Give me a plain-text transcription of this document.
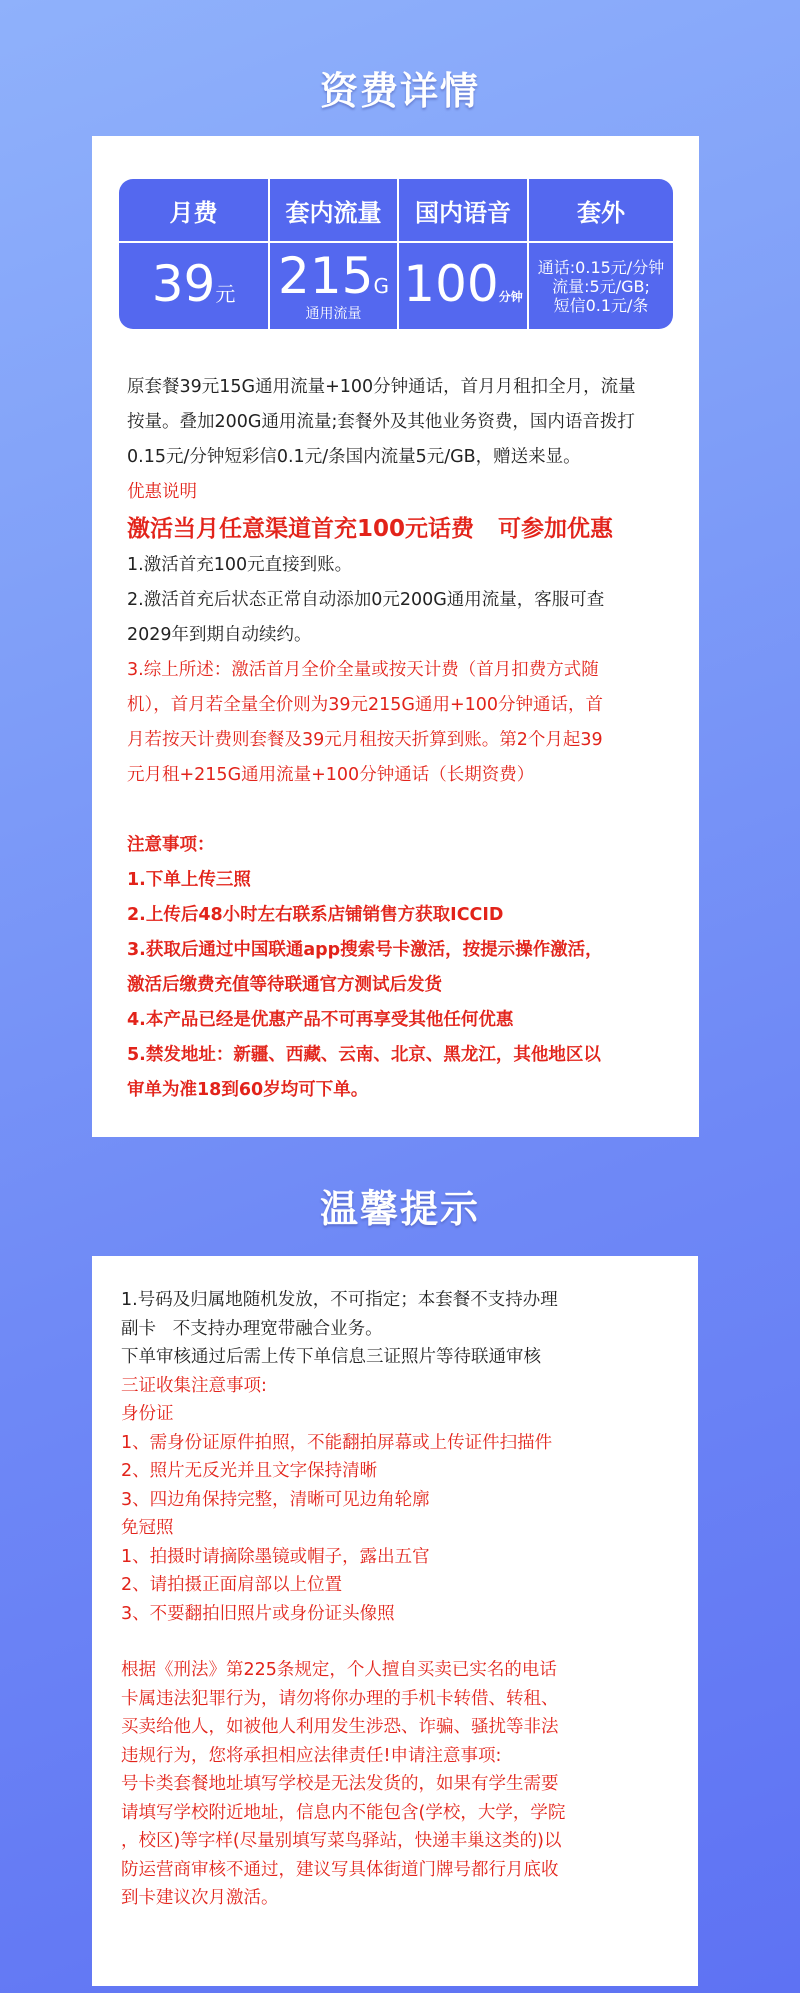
资费详情
月费
39元
套内流量
215G
通用流量
国内语音
100分钟
套外
通话:0.15元/分钟
流量:5元/GB;
短信0.1元/条
原套餐39元15G通用流量+100分钟通话，首月月租扣全月，流量
按量。叠加200G通用流量;套餐外及其他业务资费，国内语音拨打
0.15元/分钟短彩信0.1元/条国内流量5元/GB，赠送来显。
优惠说明
激活当月任意渠道首充100元话费   可参加优惠
1.激活首充100元直接到账。
2.激活首充后状态正常自动添加0元200G通用流量，客服可查
2029年到期自动续约。
3.综上所述：激活首月全价全量或按天计费（首月扣费方式随
机），首月若全量全价则为39元215G通用+100分钟通话，首
月若按天计费则套餐及39元月租按天折算到账。第2个月起39
元月租+215G通用流量+100分钟通话（长期资费）
注意事项：
1.下单上传三照
2.上传后48小时左右联系店铺销售方获取ICCID
3.获取后通过中国联通app搜索号卡激活，按提示操作激活，
激活后缴费充值等待联通官方测试后发货
4.本产品已经是优惠产品不可再享受其他任何优惠
5.禁发地址：新疆、西藏、云南、北京、黑龙江，其他地区以
审单为准18到60岁均可下单。
温馨提示
1.号码及归属地随机发放，不可指定；本套餐不支持办理
副卡   不支持办理宽带融合业务。
下单审核通过后需上传下单信息三证照片等待联通审核
三证收集注意事项:
身份证
1、需身份证原件拍照，不能翻拍屏幕或上传证件扫描件
2、照片无反光并且文字保持清晰
3、四边角保持完整，清晰可见边角轮廓
免冠照
1、拍摄时请摘除墨镜或帽子，露出五官
2、请拍摄正面肩部以上位置
3、不要翻拍旧照片或身份证头像照
根据《刑法》第225条规定，个人擅自买卖已实名的电话
卡属违法犯罪行为，请勿将你办理的手机卡转借、转租、
买卖给他人，如被他人利用发生涉恐、诈骗、骚扰等非法
违规行为，您将承担相应法律责任!申请注意事项:
号卡类套餐地址填写学校是无法发货的，如果有学生需要
请填写学校附近地址，信息内不能包含(学校，大学，学院
，校区)等字样(尽量别填写菜鸟驿站，快递丰巢这类的)以
防运营商审核不通过，建议写具体街道门牌号都行月底收
到卡建议次月激活。
